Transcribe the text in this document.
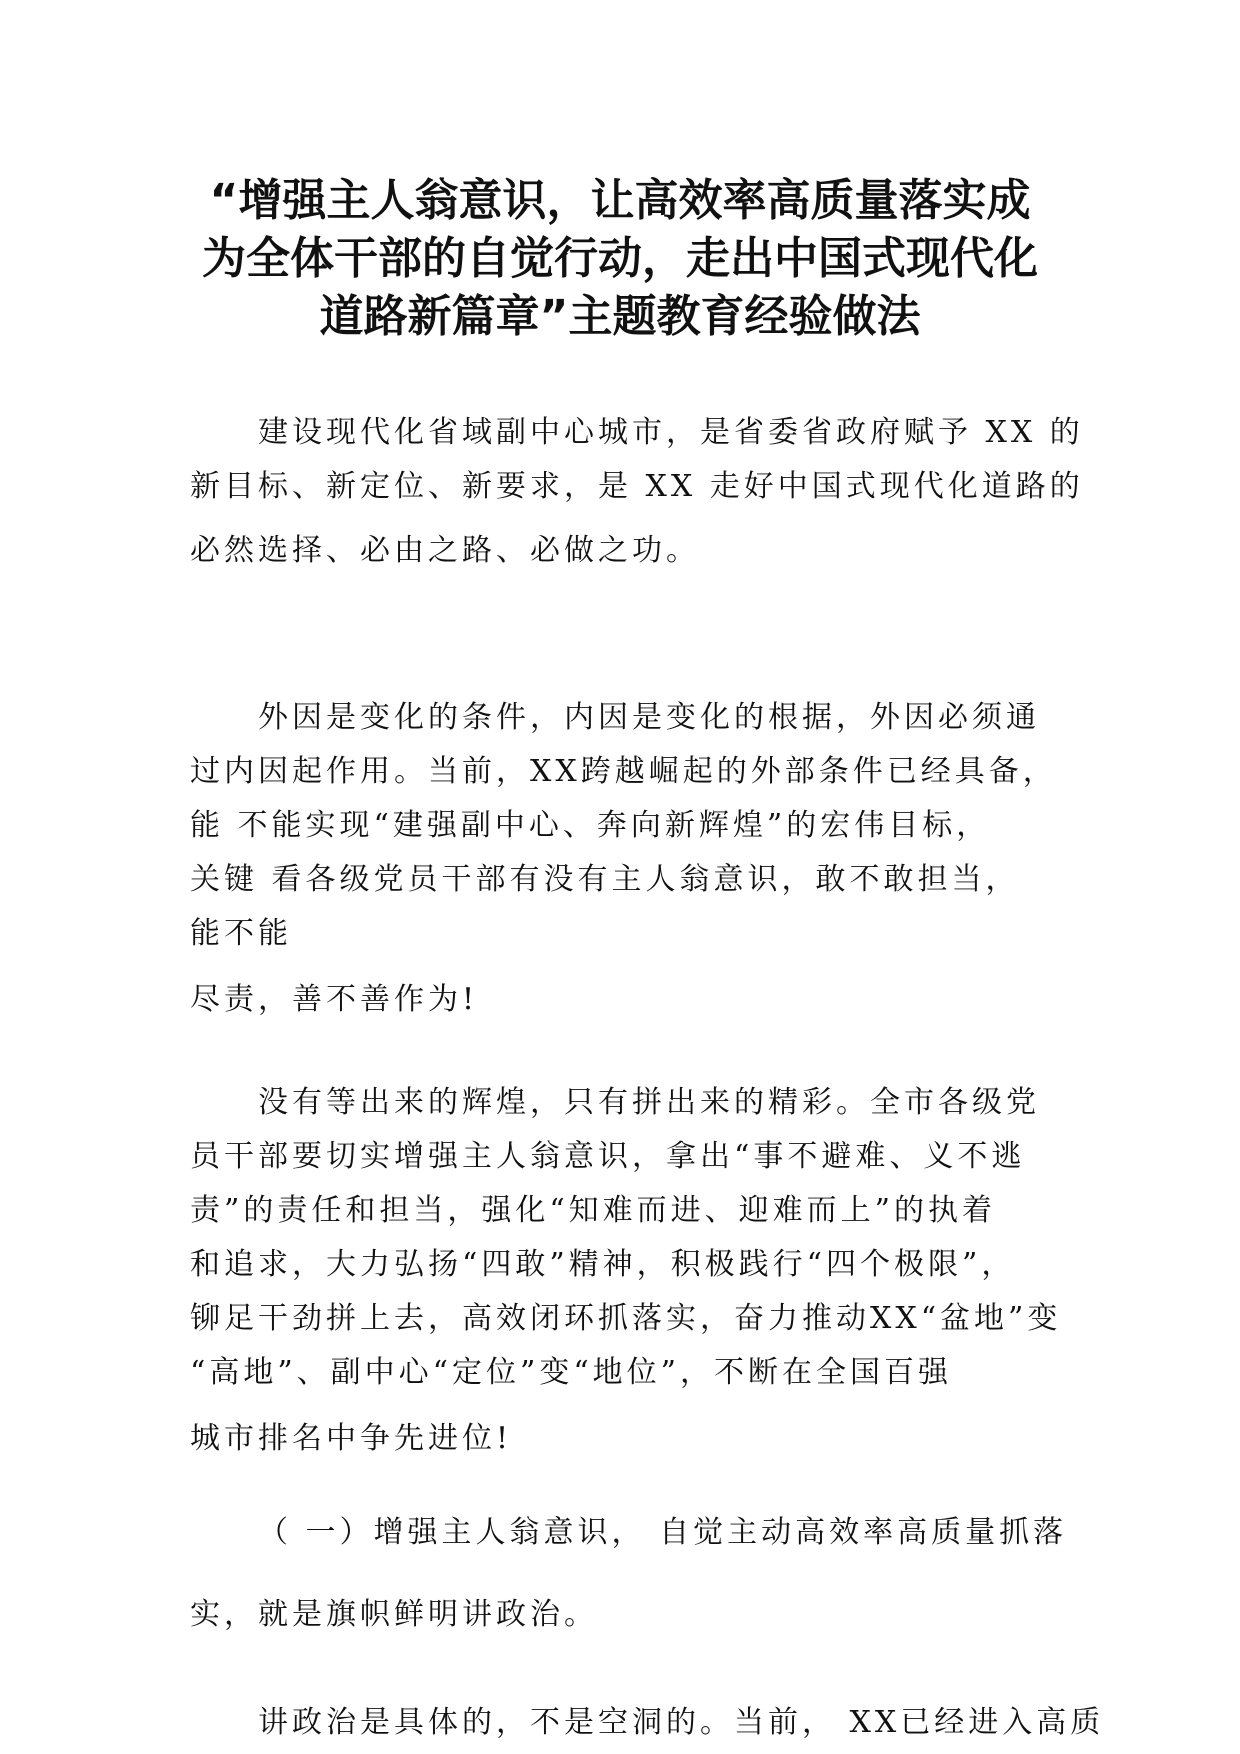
“增强主人翁意识，让高效率高质量落实成
为全体干部的自觉行动，走出中国式现代化
道路新篇章”主题教育经验做法
建设现代化省域副中心城市，是省委省政府赋予 XX 的
新目标、新定位、新要求，是 XX 走好中国式现代化道路的
必然选择、必由之路、必做之功。
外因是变化的条件，内因是变化的根据，外因必须通
过内因起作用。当前，XX跨越崛起的外部条件已经具备，
能 不能实现“建强副中心、奔向新辉煌”的宏伟目标，
关键 看各级党员干部有没有主人翁意识，敢不敢担当，
能不能
尽责，善不善作为!
没有等出来的辉煌，只有拼出来的精彩。全市各级党
员干部要切实增强主人翁意识，拿出“事不避难、义不逃
责”的责任和担当，强化“知难而进、迎难而上”的执着
和追求，大力弘扬“四敢”精神，积极践行“四个极限”，
铆足干劲拼上去，高效闭环抓落实，奋力推动XX“盆地”变
“高地”、副中心“定位”变“地位”，不断在全国百强
城市排名中争先进位!
（ 一）增强主人翁意识， 自觉主动高效率高质量抓落
实，就是旗帜鲜明讲政治。
讲政治是具体的，不是空洞的。当前， XX已经进入高质
